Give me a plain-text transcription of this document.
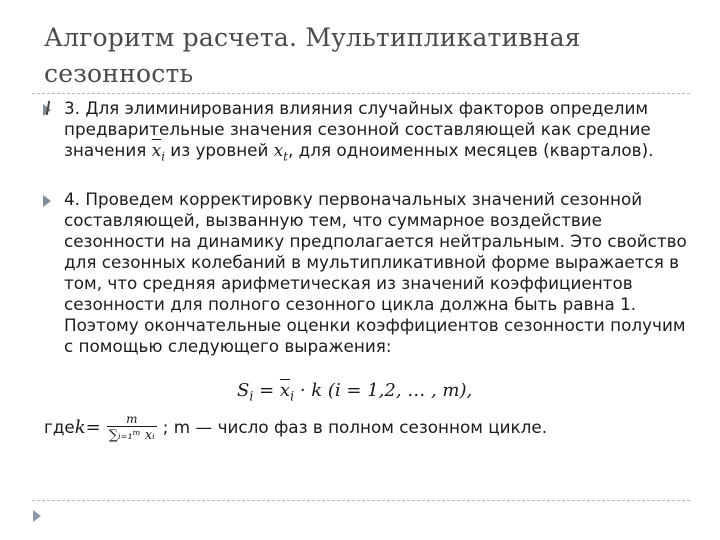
Алгоритм расчета. Мультипликативная сезонность
3. Для элиминирования влияния случайных факторов определим предварительные значения сезонной составляющей как средние значения $\overline{x}_i$ из уровней $x_t$, для одноименных месяцев (кварталов).
4. Проведем корректировку первоначальных значений сезонной составляющей, вызванную тем, что суммарное воздействие сезонности на динамику предполагается нейтральным. Это свойство для сезонных колебаний в мультипликативной форме выражается в том, что средняя арифметическая из значений коэффициентов сезонности для полного сезонного цикла должна быть равна 1. Поэтому окончательные оценки коэффициентов сезонности получим с помощью следующего выражения:
$S_i = \overline{x}_i \cdot k$ (i = 1,2, … , m),
где $k = \frac{m}{\text{∑ᵢ₌₁ᵐ xᵢ}}$ ; m — число фаз в полном сезонном цикле.
